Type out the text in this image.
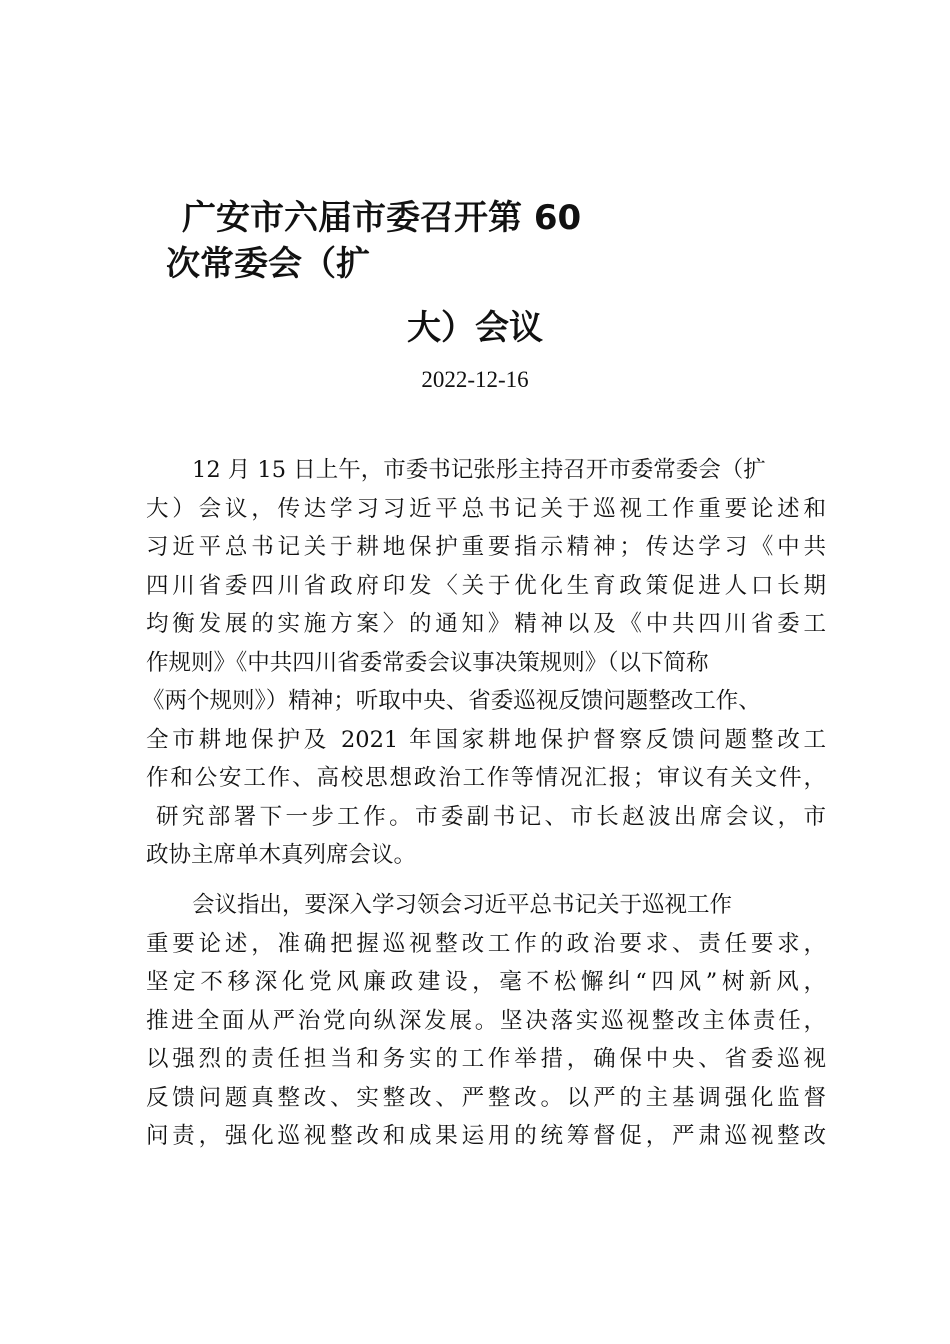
广安市六届市委召开第 60
次常委会（扩
大）会议
2022-12-16
12 月 15 日上午，市委书记张彤主持召开市委常委会（扩
大）会议，传达学习习近平总书记关于巡视工作重要论述和
习近平总书记关于耕地保护重要指示精神；传达学习《中共
四川省委四川省政府印发〈关于优化生育政策促进人口长期
均衡发展的实施方案〉的通知》精神以及《中共四川省委工
作规则》《中共四川省委常委会议事决策规则》（以下简称
《两个规则》）精神；听取中央、省委巡视反馈问题整改工作、
全市耕地保护及 2021 年国家耕地保护督察反馈问题整改工
作和公安工作、高校思想政治工作等情况汇报；审议有关文件，
研究部署下一步工作。市委副书记、市长赵波出席会议，市
政协主席单木真列席会议。
会议指出，要深入学习领会习近平总书记关于巡视工作
重要论述，准确把握巡视整改工作的政治要求、责任要求，
坚定不移深化党风廉政建设，毫不松懈纠“四风”树新风，
推进全面从严治党向纵深发展。坚决落实巡视整改主体责任，
以强烈的责任担当和务实的工作举措，确保中央、省委巡视
反馈问题真整改、实整改、严整改。以严的主基调强化监督
问责，强化巡视整改和成果运用的统筹督促，严肃巡视整改
